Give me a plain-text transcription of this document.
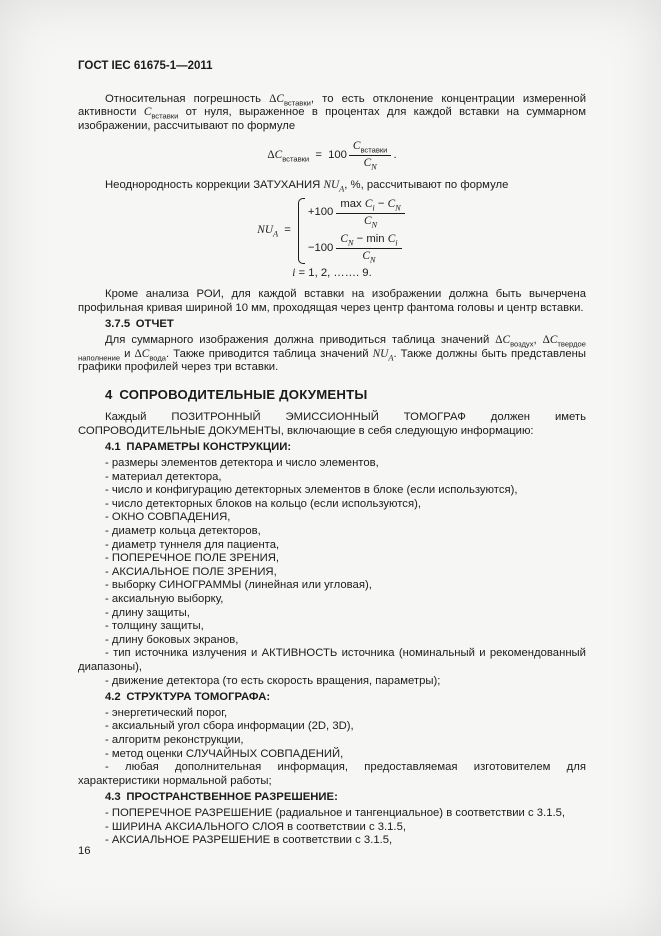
ГОСТ IEC 61675-1—2011

Относительная погрешность $\Delta C_{вставки}$, то есть отклонение концентрации измеренной активности $C_{вставки}$ от нуля, выраженное в процентах для каждой вставки на суммарном изображении, рассчитывают по формуле

$\Delta C_{вставки} = 100 \frac{C_{вставки}}{C_N}$ .

Неоднородность коррекции ЗАТУХАНИЯ $NU_A$, %, рассчитывают по формуле

$NU_A$ =
$+100 \frac{\max C_i - C_N}{C_N}$
$-100 \frac{C_N - \min C_i}{C_N}$
i = 1, 2, ……. 9.

Кроме анализа РОИ, для каждой вставки на изображении должна быть вычерчена профильная кривая шириной 10 мм, проходящая через центр фантома головы и центр вставки.

3.7.5 ОТЧЕТ

Для суммарного изображения должна приводиться таблица значений $\Delta C_{воздух}$, $\Delta C_{твердое наполнение}$ и $\Delta C_{вода}$. Также приводится таблица значений $NU_A$. Также должны быть представлены графики профилей через три вставки.

4 СОПРОВОДИТЕЛЬНЫЕ ДОКУМЕНТЫ

Каждый ПОЗИТРОННЫЙ ЭМИССИОННЫЙ ТОМОГРАФ должен иметь СОПРОВОДИТЕЛЬНЫЕ ДОКУМЕНТЫ, включающие в себя следующую информацию:

4.1 ПАРАМЕТРЫ КОНСТРУКЦИИ:

- размеры элементов детектора и число элементов,

- материал детектора,

- число и конфигурацию детекторных элементов в блоке (если используются),

- число детекторных блоков на кольцо (если используются),

- ОКНО СОВПАДЕНИЯ,

- диаметр кольца детекторов,

- диаметр туннеля для пациента,

- ПОПЕРЕЧНОЕ ПОЛЕ ЗРЕНИЯ,

- АКСИАЛЬНОЕ ПОЛЕ ЗРЕНИЯ,

- выборку СИНОГРАММЫ (линейная или угловая),

- аксиальную выборку,

- длину защиты,

- толщину защиты,

- длину боковых экранов,

- тип источника излучения и АКТИВНОСТЬ источника (номинальный и рекомендованный диапазоны),

- движение детектора (то есть скорость вращения, параметры);

4.2 СТРУКТУРА ТОМОГРАФА:

- энергетический порог,

- аксиальный угол сбора информации (2D, 3D),

- алгоритм реконструкции,

- метод оценки СЛУЧАЙНЫХ СОВПАДЕНИЙ,

- любая дополнительная информация, предоставляемая изготовителем для характеристики нормальной работы;

4.3 ПРОСТРАНСТВЕННОЕ РАЗРЕШЕНИЕ:

- ПОПЕРЕЧНОЕ РАЗРЕШЕНИЕ (радиальное и тангенциальное) в соответствии с 3.1.5,

- ШИРИНА АКСИАЛЬНОГО СЛОЯ в соответствии с 3.1.5,

- АКСИАЛЬНОЕ РАЗРЕШЕНИЕ в соответствии с 3.1.5,

16
